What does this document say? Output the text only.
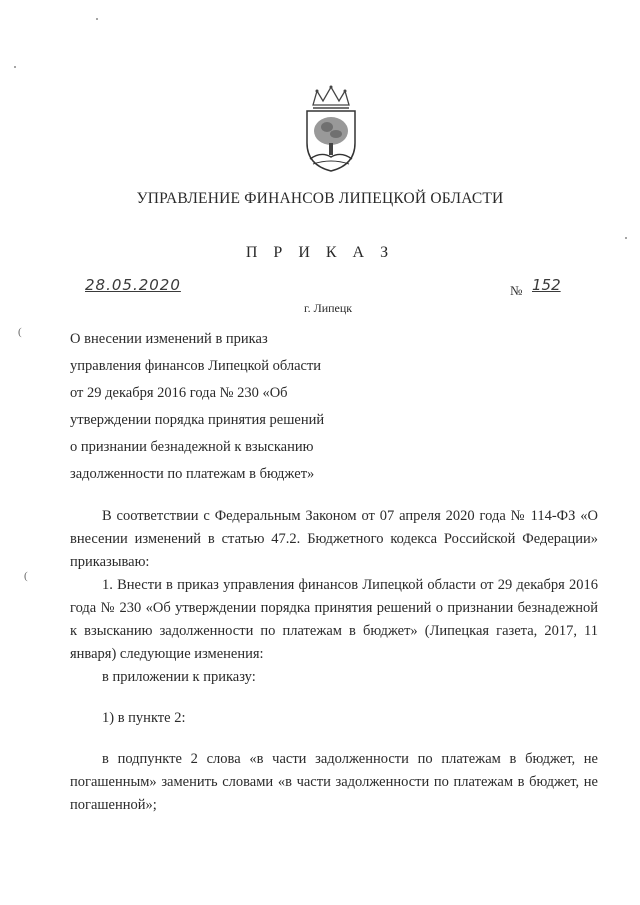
УПРАВЛЕНИЕ ФИНАНСОВ ЛИПЕЦКОЙ ОБЛАСТИ
П Р И К А З
28.05.2020	№ 152
г. Липецк
О внесении изменений в приказ
управления финансов Липецкой области
от 29 декабря 2016 года № 230 «Об
утверждении порядка принятия решений
о признании безнадежной к взысканию
задолженности по платежам в бюджет»

В соответствии с Федеральным Законом от 07 апреля 2020 года № 114-ФЗ «О внесении изменений в статью 47.2. Бюджетного кодекса Российской Федерации» приказываю:

1. Внести в приказ управления финансов Липецкой области от 29 декабря 2016 года № 230 «Об утверждении порядка принятия решений о признании безнадежной к взысканию задолженности по платежам в бюджет» (Липецкая газета, 2017, 11 января) следующие изменения:

в приложении к приказу:

1) в пункте 2:

в подпункте 2 слова «в части задолженности по платежам в бюджет, не погашенным» заменить словами «в части задолженности по платежам в бюджет, не погашенной»;

(
(
